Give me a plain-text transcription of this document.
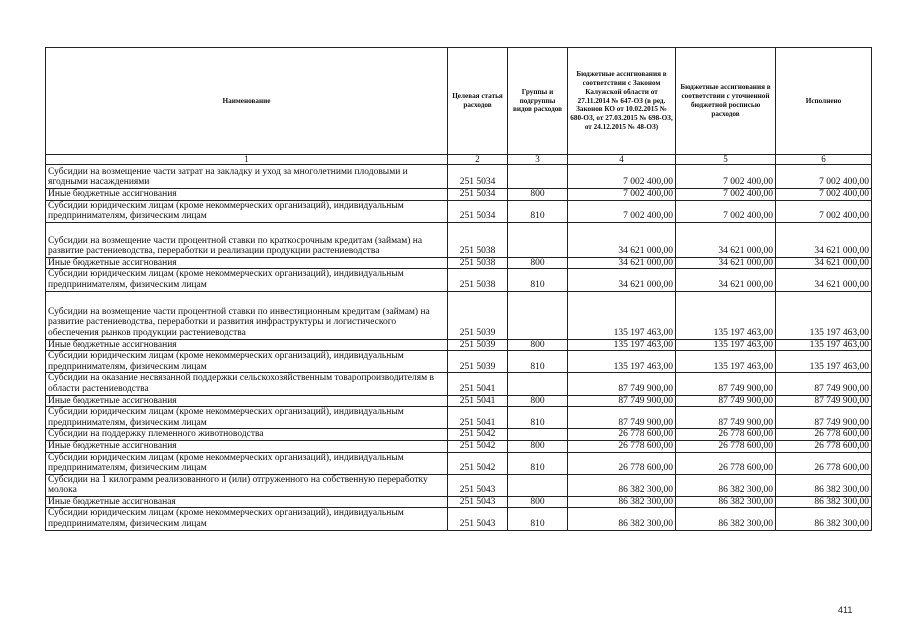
Наименование	Целевая статья расходов	Группы и подгруппы видов расходов	Бюджетные ассигнования в соответствии с Законом Калужской области от 27.11.2014 № 647-ОЗ (в ред. Законов КО от 10.02.2015 № 680-ОЗ, от 27.03.2015 № 698-ОЗ, от 24.12.2015 № 48-ОЗ)	Бюджетные ассигнования в соответствии с уточненной бюджетной росписью расходов	Исполнено
1	2	3	4	5	6
Субсидии на возмещение части затрат на закладку и уход за многолетними плодовыми и ягодными насаждениями	251 5034		7 002 400,00	7 002 400,00	7 002 400,00
Иные бюджетные ассигнования	251 5034	800	7 002 400,00	7 002 400,00	7 002 400,00
Субсидии юридическим лицам (кроме некоммерческих организаций), индивидуальным предпринимателям, физическим лицам	251 5034	810	7 002 400,00	7 002 400,00	7 002 400,00
Субсидии на возмещение части процентной ставки по краткосрочным кредитам (займам) на развитие растениеводства, переработки и реализации продукции растениеводства	251 5038		34 621 000,00	34 621 000,00	34 621 000,00
Иные бюджетные ассигнования	251 5038	800	34 621 000,00	34 621 000,00	34 621 000,00
Субсидии юридическим лицам (кроме некоммерческих организаций), индивидуальным предпринимателям, физическим лицам	251 5038	810	34 621 000,00	34 621 000,00	34 621 000,00
Субсидии на возмещение части процентной ставки по инвестиционным кредитам (займам) на развитие растениеводства, переработки и развития инфраструктуры и логистического обеспечения рынков продукции растениеводства	251 5039		135 197 463,00	135 197 463,00	135 197 463,00
Иные бюджетные ассигнования	251 5039	800	135 197 463,00	135 197 463,00	135 197 463,00
Субсидии юридическим лицам (кроме некоммерческих организаций), индивидуальным предпринимателям, физическим лицам	251 5039	810	135 197 463,00	135 197 463,00	135 197 463,00
Субсидии на оказание несвязанной поддержки сельскохозяйственным товаропроизводителям в области растениеводства	251 5041		87 749 900,00	87 749 900,00	87 749 900,00
Иные бюджетные ассигнования	251 5041	800	87 749 900,00	87 749 900,00	87 749 900,00
Субсидии юридическим лицам (кроме некоммерческих организаций), индивидуальным предпринимателям, физическим лицам	251 5041	810	87 749 900,00	87 749 900,00	87 749 900,00
Субсидии на поддержку племенного животноводства	251 5042		26 778 600,00	26 778 600,00	26 778 600,00
Иные бюджетные ассигнования	251 5042	800	26 778 600,00	26 778 600,00	26 778 600,00
Субсидии юридическим лицам (кроме некоммерческих организаций), индивидуальным предпринимателям, физическим лицам	251 5042	810	26 778 600,00	26 778 600,00	26 778 600,00
Субсидии на 1 килограмм реализованного и (или) отгруженного на собственную переработку молока	251 5043		86 382 300,00	86 382 300,00	86 382 300,00
Иные бюджетные ассигнованая	251 5043	800	86 382 300,00	86 382 300,00	86 382 300,00
Субсидии юридическим лицам (кроме некоммерческих организаций), индивидуальным предпринимателям, физическим лицам	251 5043	810	86 382 300,00	86 382 300,00	86 382 300,00
411
